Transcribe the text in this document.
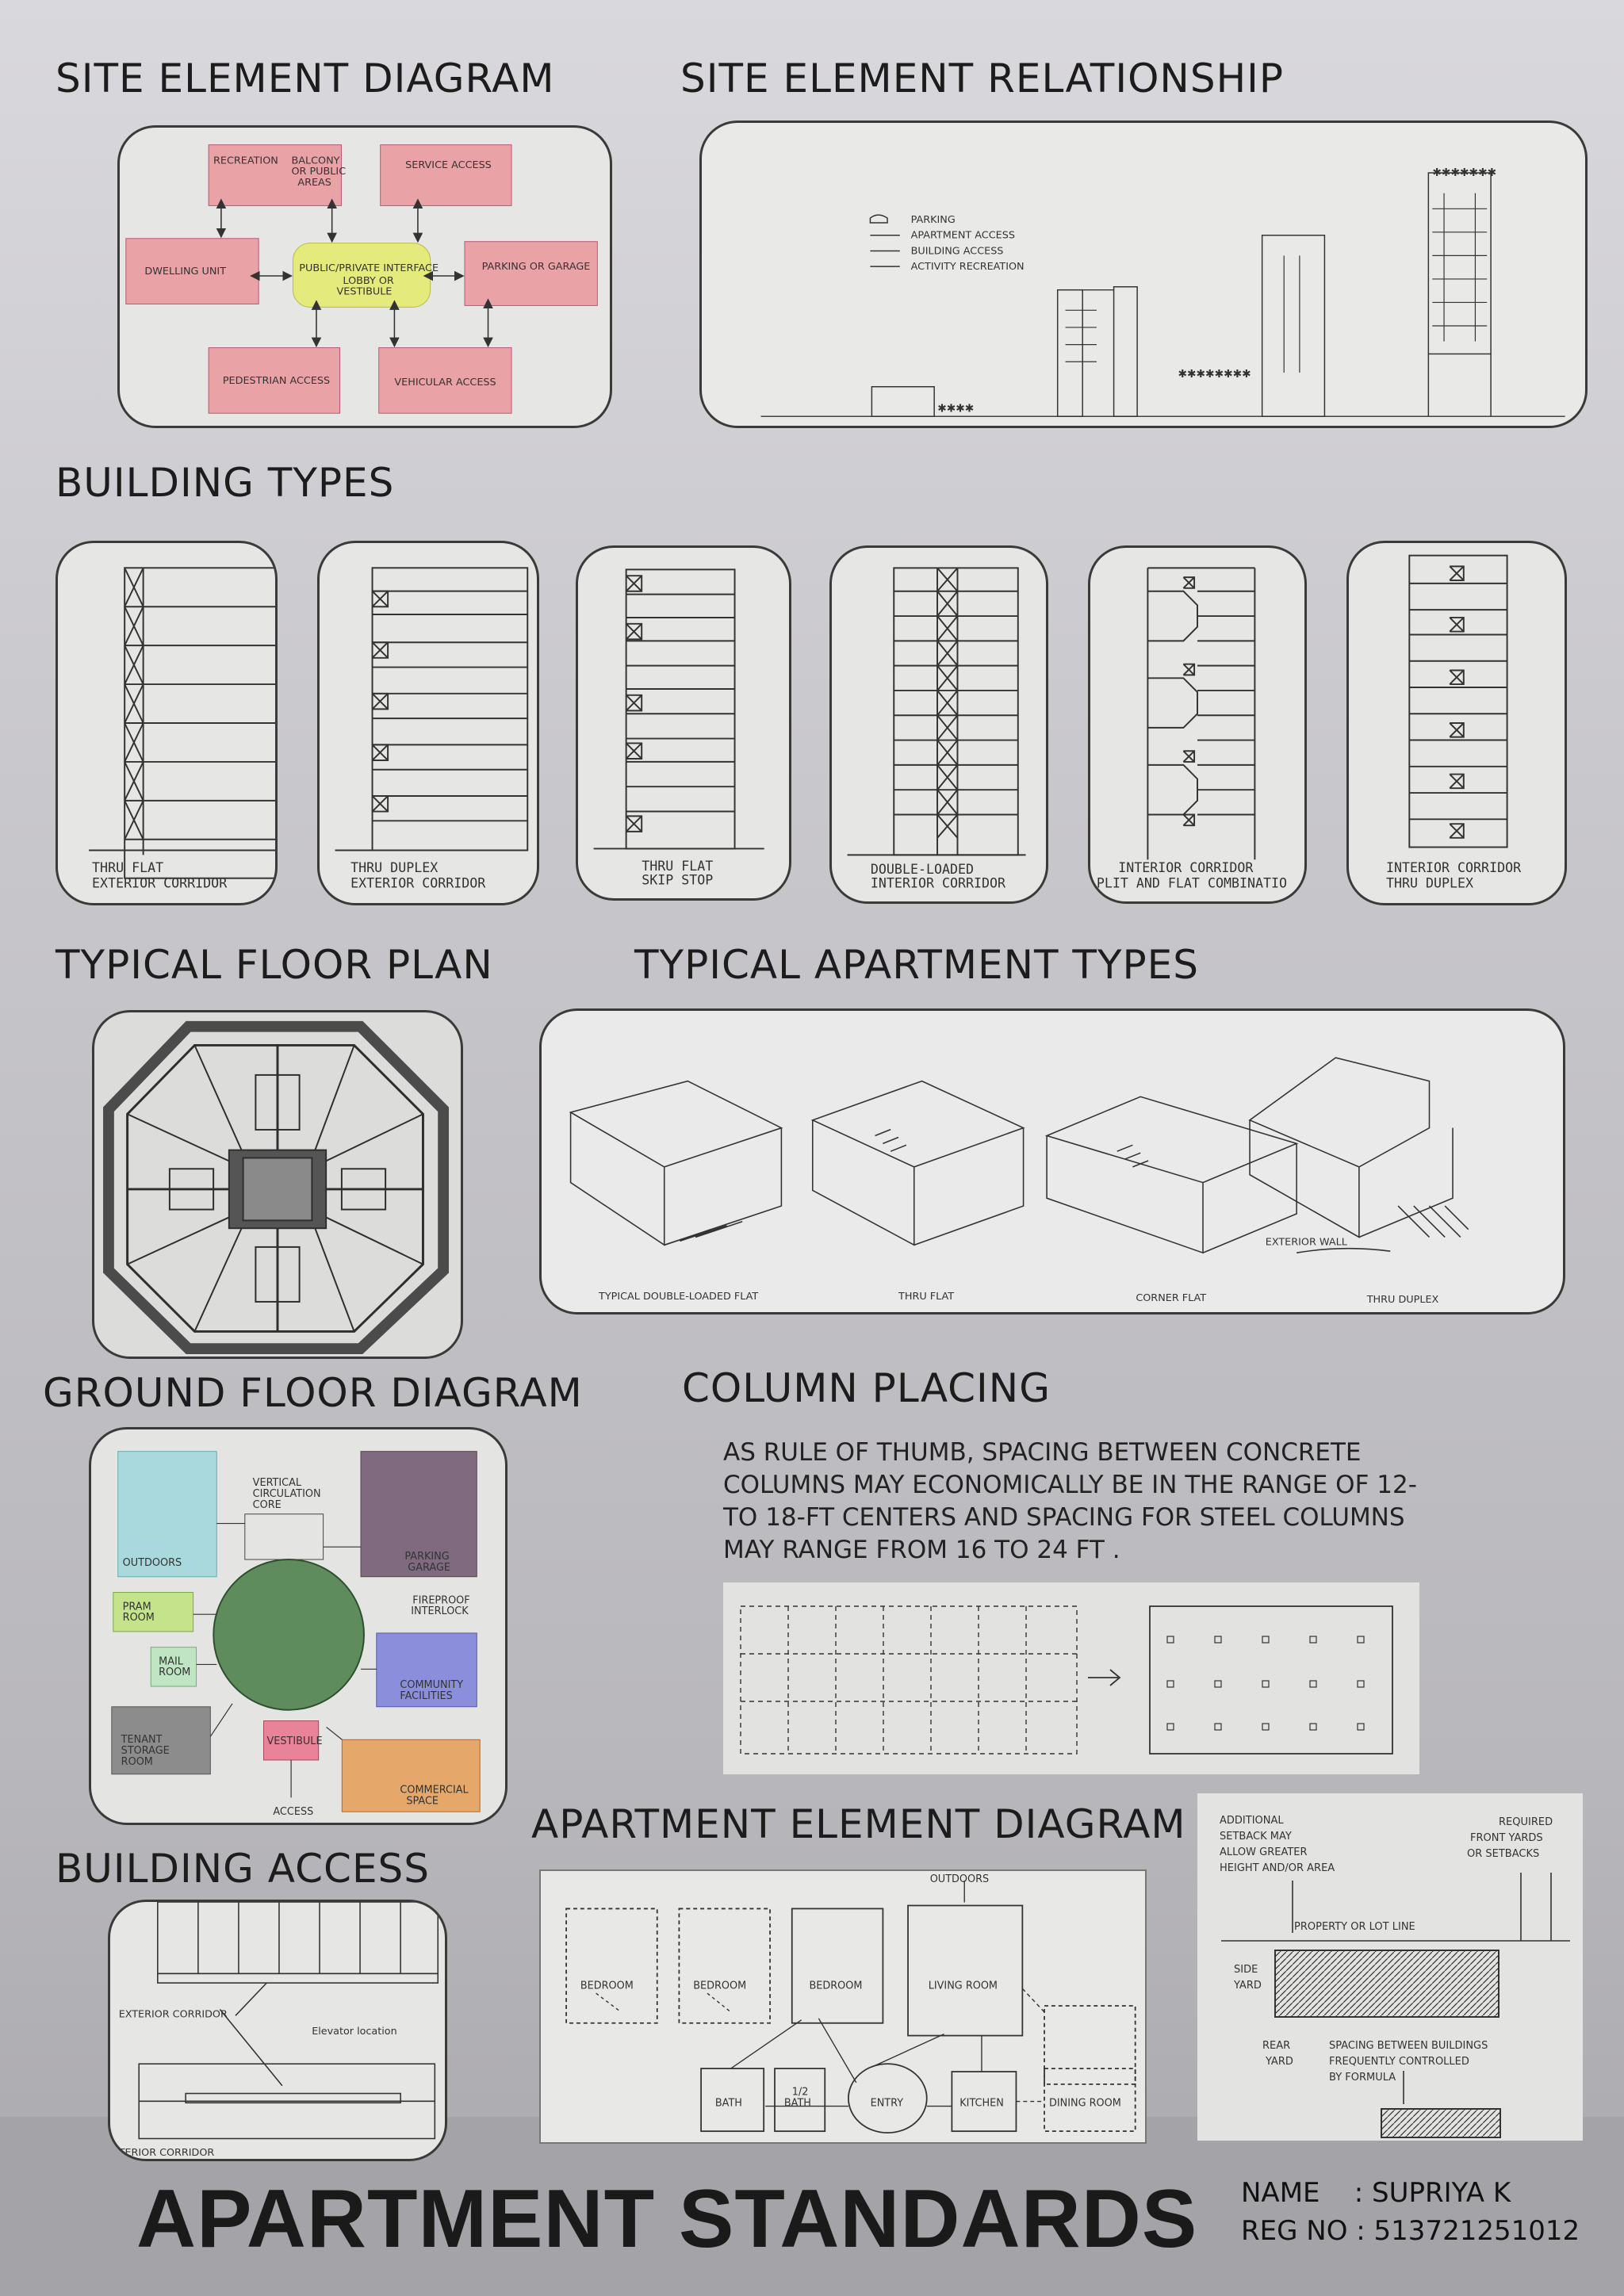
SITE ELEMENT DIAGRAM	SITE ELEMENT RELATIONSHIP
BUILDING TYPES
TYPICAL FLOOR PLAN	TYPICAL APARTMENT TYPES
GROUND FLOOR DIAGRAM	COLUMN PLACING
APARTMENT ELEMENT DIAGRAM
BUILDING ACCESS
RECREATION BALCONY
OR PUBLIC
AREAS
SERVICE ACCESS
DWELLING UNIT	PUBLIC/PRIVATE INTERFACE
LOBBY OR
VESTIBULE
PARKING OR GARAGE
PEDESTRIAN ACCESS	VEHICULAR ACCESS
✱✱✱✱✱✱✱✱
✱✱✱✱
✱✱✱✱✱✱✱
PARKING
APARTMENT ACCESS
BUILDING ACCESS
ACTIVITY RECREATION
THRU FLAT
EXTERIOR CORRIDOR
THRU DUPLEX
EXTERIOR CORRIDOR
THRU FLAT
SKIP STOP
DOUBLE-LOADED
INTERIOR CORRIDOR
INTERIOR CORRIDOR
PLIT AND FLAT COMBINATIO
INTERIOR CORRIDOR
THRU DUPLEX
EXTERIOR WALL
TYPICAL DOUBLE-LOADED FLAT	THRU FLAT	CORNER FLAT	THRU DUPLEX
OUTDOORS
VERTICAL
CIRCULATION
CORE
PARKING
GARAGE
FIREPROOF
INTERLOCK
PRAM
ROOM
MAIL
ROOM
COMMUNITY
FACILITIES
TENANT
STORAGE
ROOM
VESTIBULE
COMMERCIAL
SPACE
ACCESS
AS RULE OF THUMB, SPACING BETWEEN CONCRETE COLUMNS MAY ECONOMICALLY BE IN THE RANGE OF 12- TO 18-FT CENTERS AND SPACING FOR STEEL COLUMNS MAY RANGE FROM 16 TO 24 FT .
OUTDOORS
BEDROOM	BEDROOM	BEDROOM	LIVING ROOM
BATH
1/2
BATH	ENTRY	KITCHEN	DINING ROOM
ADDITIONAL
SETBACK MAY
ALLOW GREATER
HEIGHT AND/OR AREA
REQUIRED
FRONT YARDS
OR SETBACKS
PROPERTY OR LOT LINE
SIDE
YARD
REAR
YARD
SPACING BETWEEN BUILDINGS
FREQUENTLY CONTROLLED
BY FORMULA
EXTERIOR CORRIDOR
Elevator location
TERIOR CORRIDOR
APARTMENT STANDARDS NAME : SUPRIYA K
REG NO : 513721251012
